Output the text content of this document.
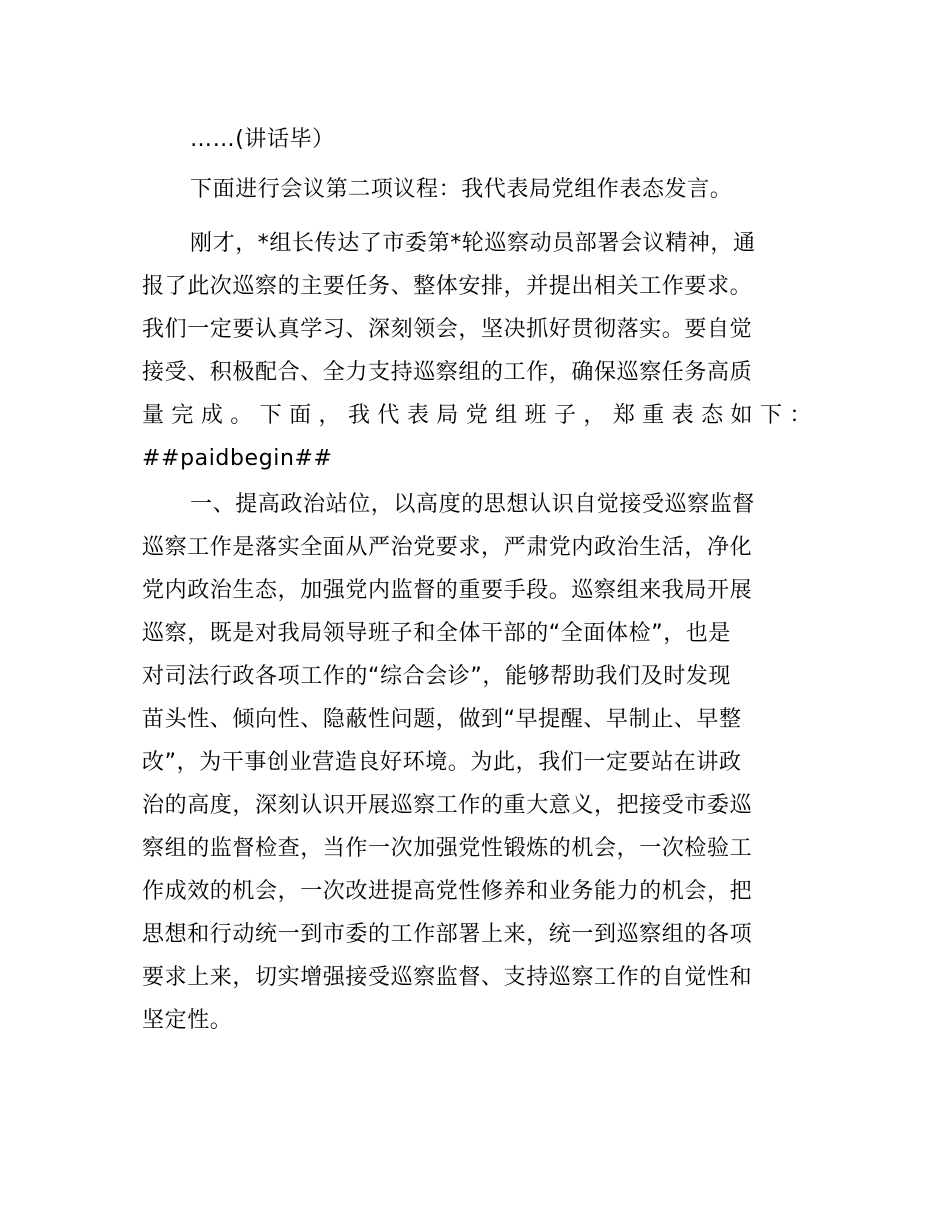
……(讲话毕）
下面进行会议第二项议程：我代表局党组作表态发言。
刚才，*组长传达了市委第*轮巡察动员部署会议精神，通
报了此次巡察的主要任务、整体安排，并提出相关工作要求。
我们一定要认真学习、深刻领会，坚决抓好贯彻落实。要自觉
接受、积极配合、全力支持巡察组的工作，确保巡察任务高质
量完成。下面，我代表局党组班子，郑重表态如下：
##paidbegin##
一、提高政治站位，以高度的思想认识自觉接受巡察监督
巡察工作是落实全面从严治党要求，严肃党内政治生活，净化
党内政治生态，加强党内监督的重要手段。巡察组来我局开展
巡察，既是对我局领导班子和全体干部的“全面体检”，也是
对司法行政各项工作的“综合会诊”，能够帮助我们及时发现
苗头性、倾向性、隐蔽性问题，做到“早提醒、早制止、早整
改”，为干事创业营造良好环境。为此，我们一定要站在讲政
治的高度，深刻认识开展巡察工作的重大意义，把接受市委巡
察组的监督检查，当作一次加强党性锻炼的机会，一次检验工
作成效的机会，一次改进提高党性修养和业务能力的机会，把
思想和行动统一到市委的工作部署上来，统一到巡察组的各项
要求上来，切实增强接受巡察监督、支持巡察工作的自觉性和
坚定性。
